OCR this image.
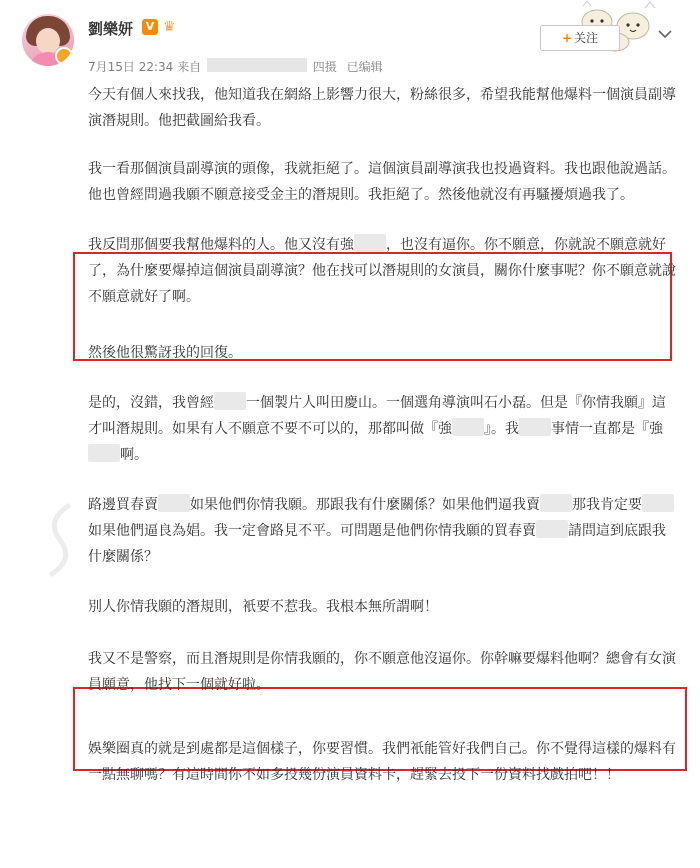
劉樂妍	V ♛
7月15日 22:34 来自	四摄 已编辑
+ 关注

今天有個人來找我，他知道我在網絡上影響力很大，粉絲很多，希望我能幫他爆料一個演員副導演潛規則。他把截圖給我看。

我一看那個演員副導演的頭像，我就拒絕了。這個演員副導演我也投過資料。我也跟他說過話。他也曾經問過我願不願意接受金主的潛規則。我拒絕了。然後他就沒有再騷擾煩過我了。

我反問那個要我幫他爆料的人。他又沒有強 ，也沒有逼你。你不願意，你就說不願意就好了，為什麼要爆掉這個演員副導演？他在找可以潛規則的女演員，關你什麼事呢？你不願意就說不願意就好了啊。

然後他很驚訝我的回復。

是的，沒錯，我曾經 一個製片人叫田慶山。一個選角導演叫石小磊。但是『你情我願』這才叫潛規則。如果有人不願意不要不可以的，那都叫做『強 』。我 事情一直都是『強啊。

路邊買春賣 如果他們你情我願。那跟我有什麼關係？如果他們逼我賣 那我肯定要如果他們逼良為娼。我一定會路見不平。可問題是他們你情我願的買春賣 請問這到底跟我什麼關係？

別人你情我願的潛規則，衹要不惹我。我根本無所謂啊！

我又不是警察，而且潛規則是你情我願的，你不願意他沒逼你。你幹嘛要爆料他啊？總會有女演員願意，他找下一個就好啦。

娛樂圈真的就是到處都是這個樣子，你要習慣。我們衹能管好我們自己。你不覺得這樣的爆料有一點無聊嗎？有這時間你不如多投幾份演員資料卡，趕緊去投下一份資料找戲拍吧！！
